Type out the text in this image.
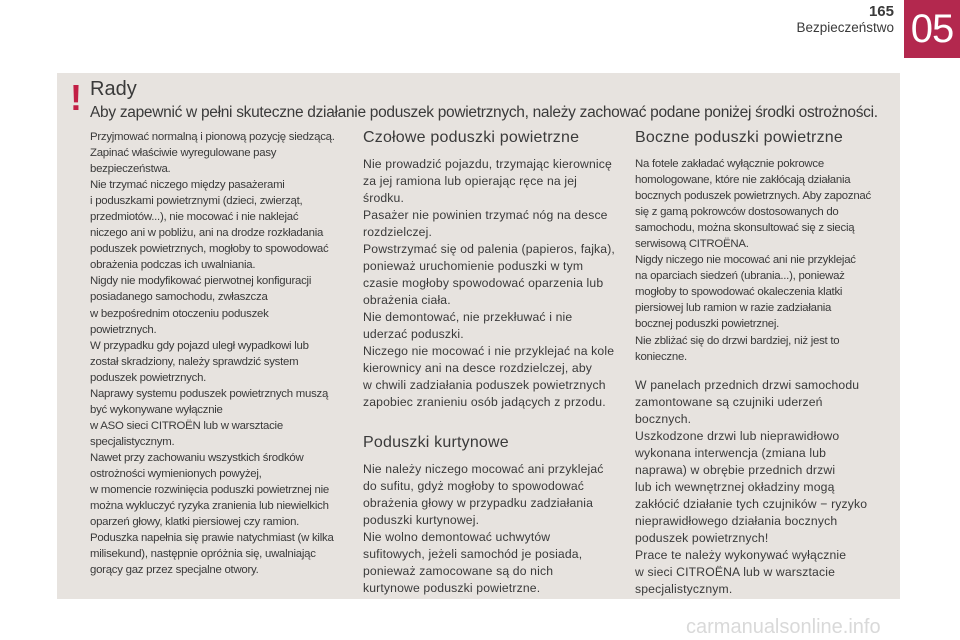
165
Bezpieczeństwo 05
! Rady
Aby zapewnić w pełni skuteczne działanie poduszek powietrznych, należy zachować podane poniżej środki ostrożności.
Przyjmować normalną i pionową pozycję siedzącą.
Zapinać właściwie wyregulowane pasy
bezpieczeństwa.
Nie trzymać niczego między pasażerami
i poduszkami powietrznymi (dzieci, zwierząt,
przedmiotów...), nie mocować i nie naklejać
niczego ani w pobliżu, ani na drodze rozkładania
poduszek powietrznych, mogłoby to spowodować
obrażenia podczas ich uwalniania.
Nigdy nie modyfikować pierwotnej konfiguracji
posiadanego samochodu, zwłaszcza
w bezpośrednim otoczeniu poduszek
powietrznych.
W przypadku gdy pojazd uległ wypadkowi lub
został skradziony, należy sprawdzić system
poduszek powietrznych.
Naprawy systemu poduszek powietrznych muszą
być wykonywane wyłącznie
w ASO sieci CITROËN lub w warsztacie
specjalistycznym.
Nawet przy zachowaniu wszystkich środków
ostrożności wymienionych powyżej,
w momencie rozwinięcia poduszki powietrznej nie
można wykluczyć ryzyka zranienia lub niewielkich
oparzeń głowy, klatki piersiowej czy ramion.
Poduszka napełnia się prawie natychmiast (w kilka
milisekund), następnie opróżnia się, uwalniając
gorący gaz przez specjalne otwory.
Czołowe poduszki powietrzne
Nie prowadzić pojazdu, trzymając kierownicę
za jej ramiona lub opierając ręce na jej
środku.
Pasażer nie powinien trzymać nóg na desce
rozdzielczej.
Powstrzymać się od palenia (papieros, fajka),
ponieważ uruchomienie poduszki w tym
czasie mogłoby spowodować oparzenia lub
obrażenia ciała.
Nie demontować, nie przekłuwać i nie
uderzać poduszki.
Niczego nie mocować i nie przyklejać na kole
kierownicy ani na desce rozdzielczej, aby
w chwili zadziałania poduszek powietrznych
zapobiec zranieniu osób jadących z przodu.
Poduszki kurtynowe
Nie należy niczego mocować ani przyklejać
do sufitu, gdyż mogłoby to spowodować
obrażenia głowy w przypadku zadziałania
poduszki kurtynowej.
Nie wolno demontować uchwytów
sufitowych, jeżeli samochód je posiada,
ponieważ zamocowane są do nich
kurtynowe poduszki powietrzne.
Boczne poduszki powietrzne
Na fotele zakładać wyłącznie pokrowce
homologowane, które nie zakłócają działania
bocznych poduszek powietrznych. Aby zapoznać
się z gamą pokrowców dostosowanych do
samochodu, można skonsultować się z siecią
serwisową CITROËNA.
Nigdy niczego nie mocować ani nie przyklejać
na oparciach siedzeń (ubrania...), ponieważ
mogłoby to spowodować okaleczenia klatki
piersiowej lub ramion w razie zadziałania
bocznej poduszki powietrznej.
Nie zbliżać się do drzwi bardziej, niż jest to
konieczne.
W panelach przednich drzwi samochodu
zamontowane są czujniki uderzeń
bocznych.
Uszkodzone drzwi lub nieprawidłowo
wykonana interwencja (zmiana lub
naprawa) w obrębie przednich drzwi
lub ich wewnętrznej okładziny mogą
zakłócić działanie tych czujników − ryzyko
nieprawidłowego działania bocznych
poduszek powietrznych!
Prace te należy wykonywać wyłącznie
w sieci CITROËNA lub w warsztacie
specjalistycznym.
carmanualsonline.info
